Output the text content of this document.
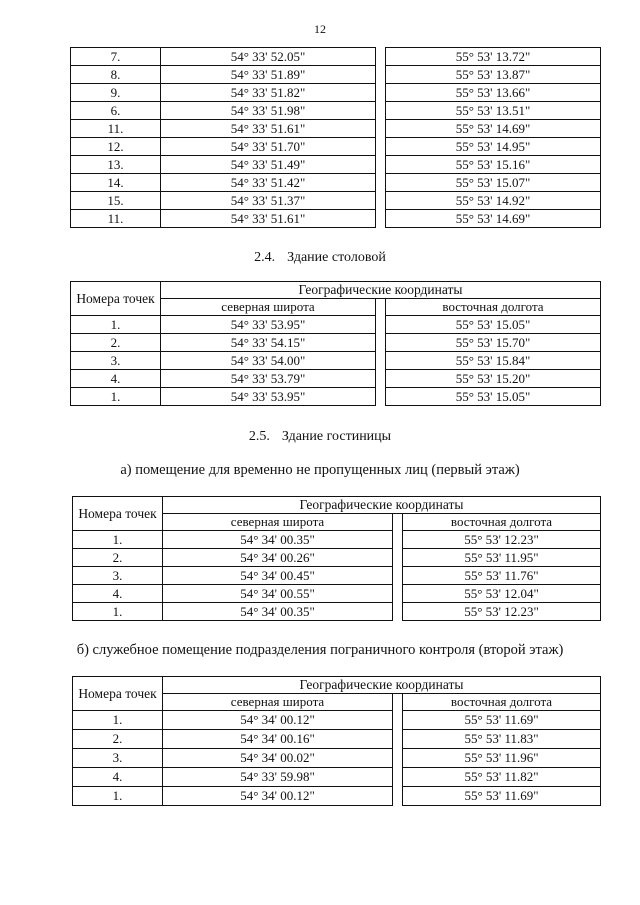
12
7.	54° 33' 52.05"		55° 53' 13.72"
8.	54° 33' 51.89"		55° 53' 13.87"
9.	54° 33' 51.82"		55° 53' 13.66"
6.	54° 33' 51.98"		55° 53' 13.51"
11.	54° 33' 51.61"		55° 53' 14.69"
12.	54° 33' 51.70"		55° 53' 14.95"
13.	54° 33' 51.49"		55° 53' 15.16"
14.	54° 33' 51.42"		55° 53' 15.07"
15.	54° 33' 51.37"		55° 53' 14.92"
11.	54° 33' 51.61"		55° 53' 14.69"
2.4. Здание столовой
Номера точек	Географические координаты		
	северная широта		восточная долгота
1.	54° 33' 53.95"		55° 53' 15.05"
2.	54° 33' 54.15"		55° 53' 15.70"
3.	54° 33' 54.00"		55° 53' 15.84"
4.	54° 33' 53.79"		55° 53' 15.20"
1.	54° 33' 53.95"		55° 53' 15.05"
2.5. Здание гостиницы
а) помещение для временно не пропущенных лиц (первый этаж)
Номера точек	Географические координаты		
	северная широта		восточная долгота
1.	54° 34' 00.35"		55° 53' 12.23"
2.	54° 34' 00.26"		55° 53' 11.95"
3.	54° 34' 00.45"		55° 53' 11.76"
4.	54° 34' 00.55"		55° 53' 12.04"
1.	54° 34' 00.35"		55° 53' 12.23"
б) служебное помещение подразделения пограничного контроля (второй этаж)
Номера точек	Географические координаты		
	северная широта		восточная долгота
1.	54° 34' 00.12"		55° 53' 11.69"
2.	54° 34' 00.16"		55° 53' 11.83"
3.	54° 34' 00.02"		55° 53' 11.96"
4.	54° 33' 59.98"		55° 53' 11.82"
1.	54° 34' 00.12"		55° 53' 11.69"
